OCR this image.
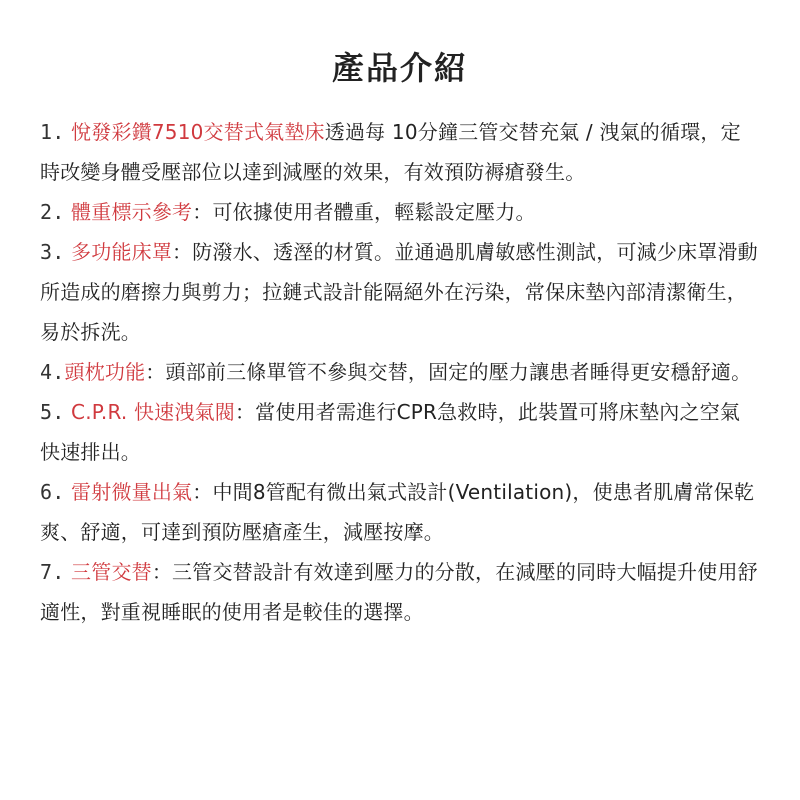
產品介紹
1. 悅發彩鑽7510交替式氣墊床透過每 10分鐘三管交替充氣 / 洩氣的循環，定時改變身體受壓部位以達到減壓的效果，有效預防褥瘡發生。
2. 體重標示參考：可依據使用者體重，輕鬆設定壓力。
3. 多功能床罩：防潑水、透溼的材質。並通過肌膚敏感性測試，可減少床罩滑動所造成的磨擦力與剪力；拉鏈式設計能隔絕外在污染，常保床墊內部清潔衛生，易於拆洗。
4.頭枕功能：頭部前三條單管不參與交替，固定的壓力讓患者睡得更安穩舒適。
5. C.P.R. 快速洩氣閥：當使用者需進行CPR急救時，此裝置可將床墊內之空氣快速排出。
6. 雷射微量出氣：中間8管配有微出氣式設計(Ventilation)，使患者肌膚常保乾爽、舒適，可達到預防壓瘡產生，減壓按摩。
7. 三管交替：三管交替設計有效達到壓力的分散，在減壓的同時大幅提升使用舒適性，對重視睡眠的使用者是較佳的選擇。
